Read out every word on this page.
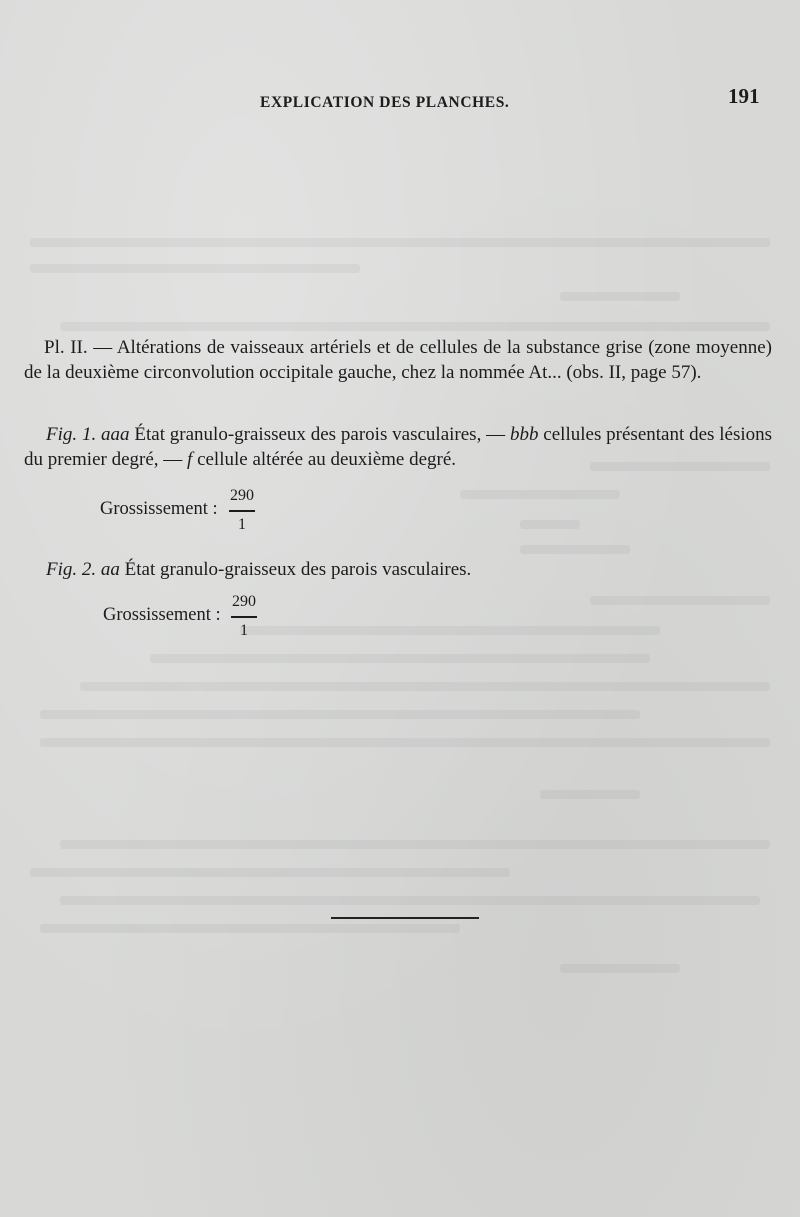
EXPLICATION DES PLANCHES.	191
Pl. II. — Altérations de vaisseaux artériels et de cellules de la substance grise (zone moyenne) de la deuxième circonvolution occipitale gauche, chez la nommée At... (obs. II, page 57).
Fig. 1. aaa État granulo-graisseux des parois vasculaires, — bbb cellules présentant des lésions du premier degré, — f cellule altérée au deuxième degré.
Grossissement :
290
1
Fig. 2. aa État granulo-graisseux des parois vasculaires.
Grossissement :
290
1
